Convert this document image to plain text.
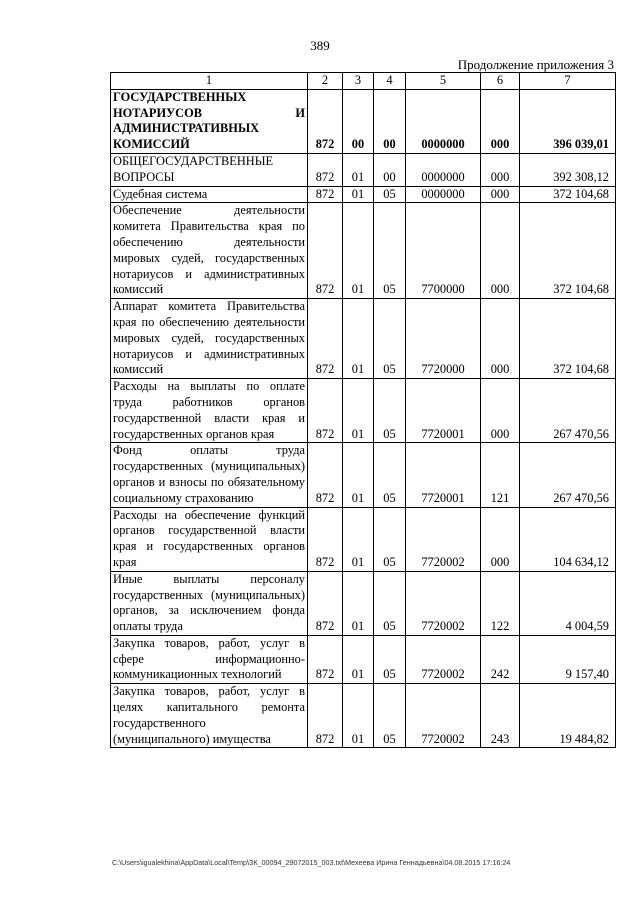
389
Продолжение приложения 3
1	2	3	4	5	6	7
ГОСУДАРСТВЕННЫХ НОТАРИУСОВ И АДМИНИСТРАТИВНЫХ КОМИССИЙ	872	00	00	0000000	000	396 039,01
ОБЩЕГОСУДАРСТВЕННЫЕ ВОПРОСЫ	872	01	00	0000000	000	392 308,12
Судебная система	872	01	05	0000000	000	372 104,68
Обеспечение деятельности комитета Правительства края по обеспечению деятельности мировых судей, государственных нотариусов и административных комиссий	872	01	05	7700000	000	372 104,68
Аппарат комитета Правительства края по обеспечению деятельности мировых судей, государственных нотариусов и административных комиссий	872	01	05	7720000	000	372 104,68
Расходы на выплаты по оплате труда работников органов государственной власти края и государственных органов края	872	01	05	7720001	000	267 470,56
Фонд оплаты труда государственных (муниципальных) органов и взносы по обязательному социальному страхованию	872	01	05	7720001	121	267 470,56
Расходы на обеспечение функций органов государственной власти края и государственных органов края	872	01	05	7720002	000	104 634,12
Иные выплаты персоналу государственных (муниципальных) органов, за исключением фонда оплаты труда	872	01	05	7720002	122	4 004,59
Закупка товаров, работ, услуг в сфере информационно-коммуникационных технологий	872	01	05	7720002	242	9 157,40
Закупка товаров, работ, услуг в целях капитального ремонта государственного (муниципального) имущества	872	01	05	7720002	243	19 484,82
C:\Users\igualekhina\AppData\Local\Temp\ЗК_00094_29072015_003.txt\Мехеева Ирина Геннадьевна\04.08.2015 17:16:24
